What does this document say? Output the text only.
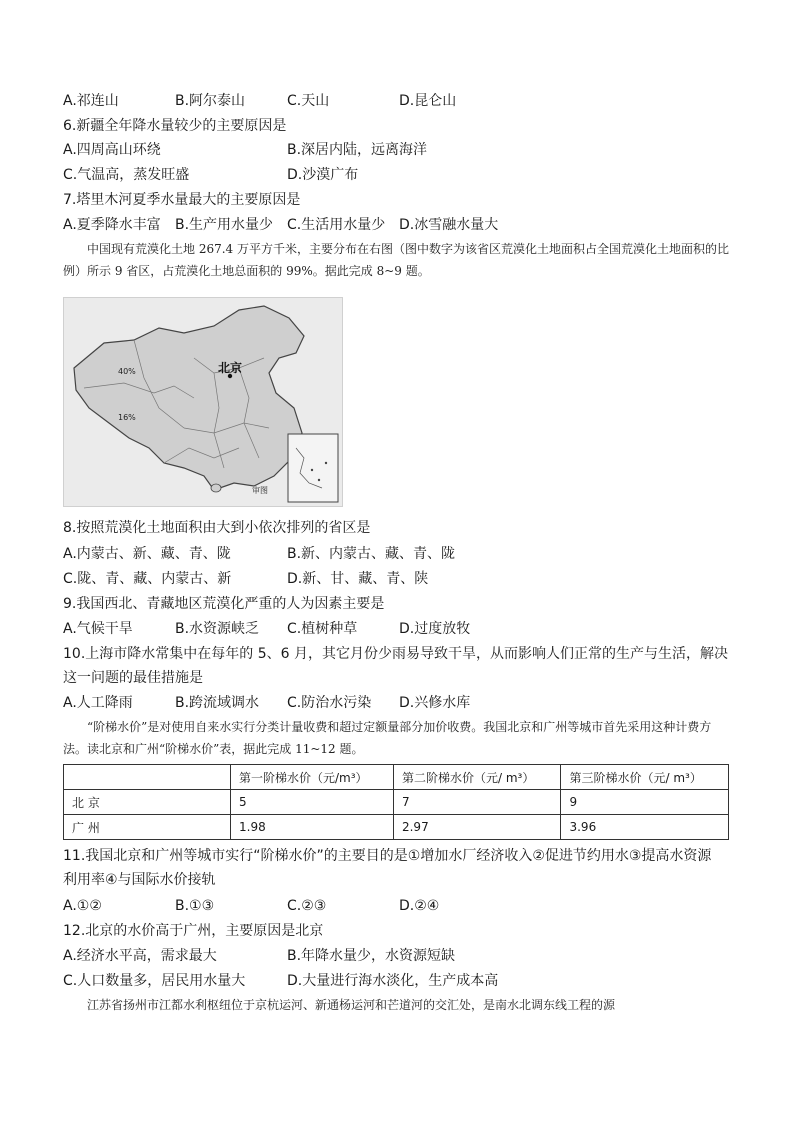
A.祁连山	B.阿尔泰山	C.天山	D.昆仑山
6.新疆全年降水量较少的主要原因是
A.四周高山环绕	B.深居内陆，远离海洋
C.气温高，蒸发旺盛	D.沙漠广布
7.塔里木河夏季水量最大的主要原因是
A.夏季降水丰富 B.生产用水量少 C.生活用水量少 D.冰雪融水量大
中国现有荒漠化土地 267.4 万平方千米，主要分布在右图（图中数字为该省区荒漠化土地面积占全国荒漠化土地面积的比例）所示 9 省区，占荒漠化土地总面积的 99%。据此完成 8~9 题。
审图
40%
16%
北京
8.按照荒漠化土地面积由大到小依次排列的省区是
A.内蒙古、新、藏、青、陇	B.新、内蒙古、藏、青、陇
C.陇、青、藏、内蒙古、新	D.新、甘、藏、青、陕
9.我国西北、青藏地区荒漠化严重的人为因素主要是
A.气候干旱	B.水资源峡乏 C.植树种草	D.过度放牧
10.上海市降水常集中在每年的 5、6 月，其它月份少雨易导致干旱，从而影响人们正常的生产与生活，解决
这一问题的最佳措施是
A.人工降雨	B.跨流域调水 C.防治水污染 D.兴修水库
“阶梯水价”是对使用自来水实行分类计量收费和超过定额量部分加价收费。我国北京和广州等城市首先采用这种计费方法。读北京和广州“阶梯水价”表，据此完成 11~12 题。
	第一阶梯水价（元/m³）	第二阶梯水价（元/ m³）	第三阶梯水价（元/ m³）
北 京	5	7	9
广 州	1.98	2.97	3.96
11.我国北京和广州等城市实行“阶梯水价”的主要目的是①增加水厂经济收入②促进节约用水③提高水资源
利用率④与国际水价接轨
A.①②	B.①③	C.②③	D.②④
12.北京的水价高于广州，主要原因是北京
A.经济水平高，需求最大	B.年降水量少，水资源短缺
C.人口数量多，居民用水量大	D.大量进行海水淡化，生产成本高
江苏省扬州市江都水利枢纽位于京杭运河、新通杨运河和芒道河的交汇处，是南水北调东线工程的源
